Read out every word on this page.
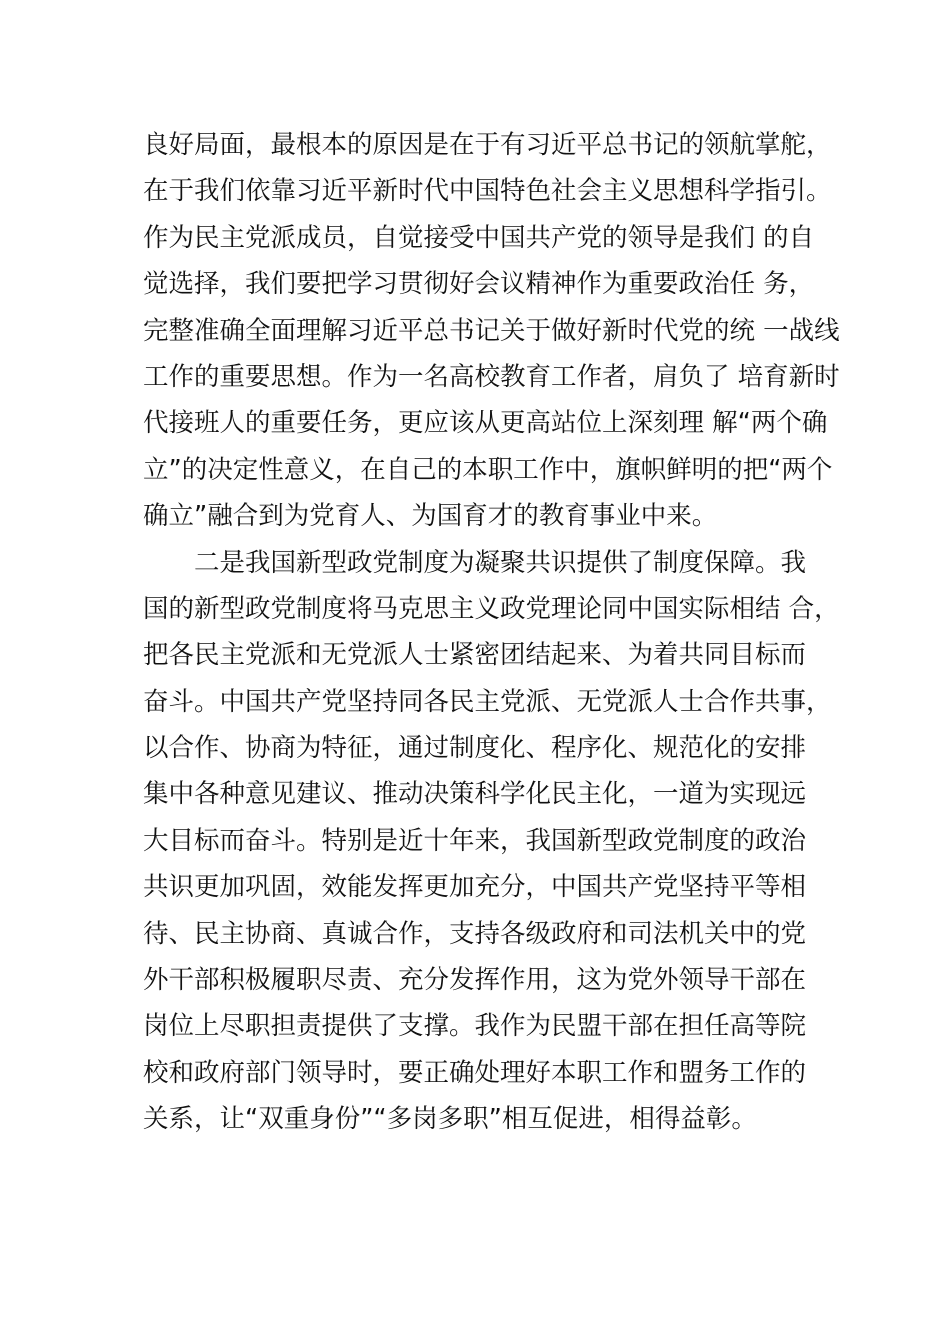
良好局面，最根本的原因是在于有习近平总书记的领航掌舵，
在于我们依靠习近平新时代中国特色社会主义思想科学指引。
作为民主党派成员，自觉接受中国共产党的领导是我们 的自
觉选择，我们要把学习贯彻好会议精神作为重要政治任 务，
完整准确全面理解习近平总书记关于做好新时代党的统 一战线
工作的重要思想。作为一名高校教育工作者，肩负了 培育新时
代接班人的重要任务，更应该从更高站位上深刻理 解“两个确
立”的决定性意义，在自己的本职工作中，旗帜鲜明的把“两个
确立”融合到为党育人、为国育才的教育事业中来。
　　二是我国新型政党制度为凝聚共识提供了制度保障。我
国的新型政党制度将马克思主义政党理论同中国实际相结 合，
把各民主党派和无党派人士紧密团结起来、为着共同目标而
奋斗。中国共产党坚持同各民主党派、无党派人士合作共事，
以合作、协商为特征，通过制度化、程序化、规范化的安排
集中各种意见建议、推动决策科学化民主化，一道为实现远
大目标而奋斗。特别是近十年来，我国新型政党制度的政治
共识更加巩固，效能发挥更加充分，中国共产党坚持平等相
待、民主协商、真诚合作，支持各级政府和司法机关中的党
外干部积极履职尽责、充分发挥作用，这为党外领导干部在
岗位上尽职担责提供了支撑。我作为民盟干部在担任高等院
校和政府部门领导时，要正确处理好本职工作和盟务工作的
关系，让“双重身份”“多岗多职”相互促进，相得益彰。
